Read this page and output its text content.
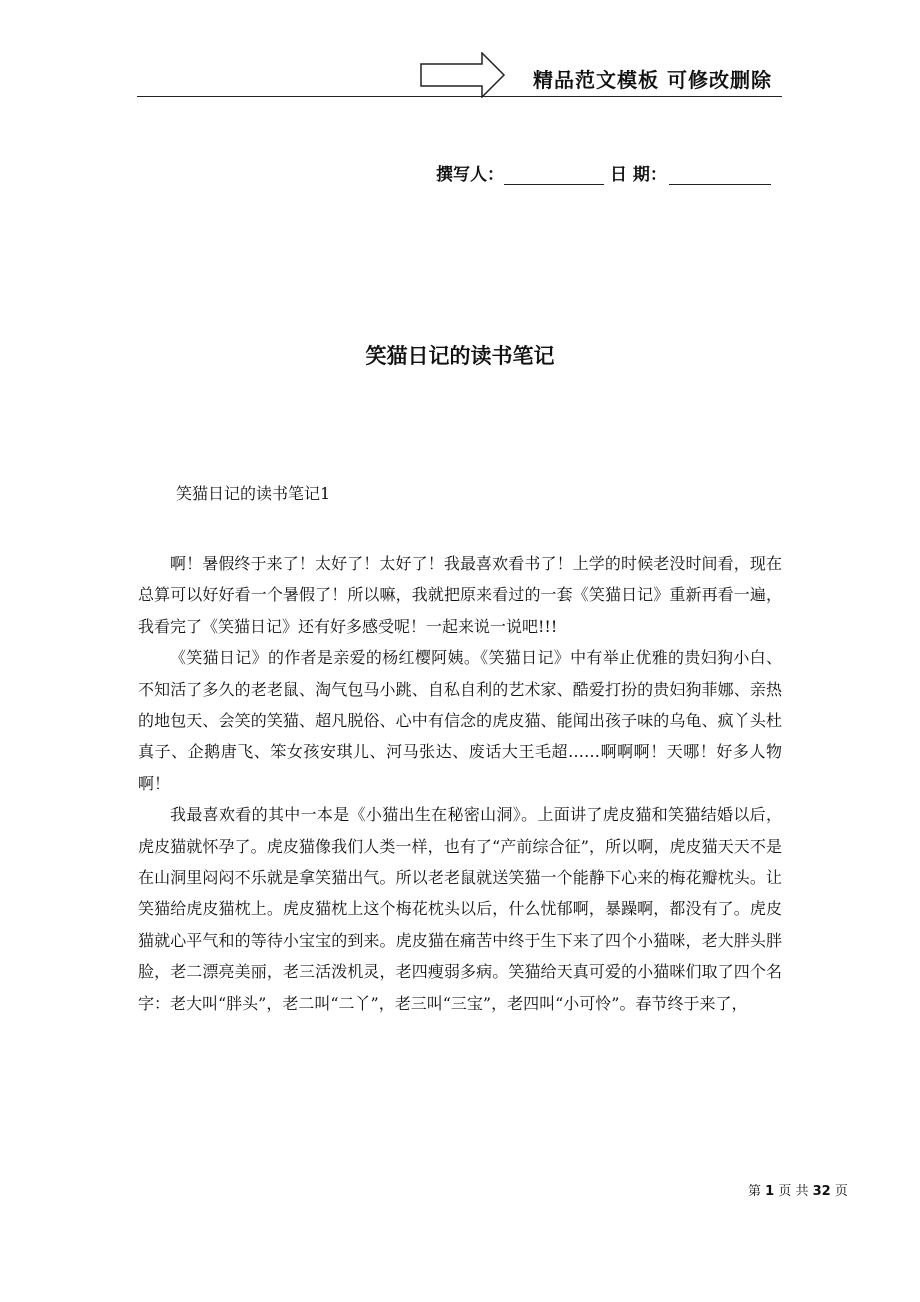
精品范文模板 可修改删除
撰写人：	日 期：
笑猫日记的读书笔记
笑猫日记的读书笔记1

啊！暑假终于来了！太好了！太好了！我最喜欢看书了！上学的时候老没时间看，现在总算可以好好看一个暑假了！所以嘛，我就把原来看过的一套《笑猫日记》重新再看一遍，我看完了《笑猫日记》还有好多感受呢！一起来说一说吧!!!

《笑猫日记》的作者是亲爱的杨红樱阿姨。《笑猫日记》中有举止优雅的贵妇狗小白、不知活了多久的老老鼠、淘气包马小跳、自私自利的艺术家、酷爱打扮的贵妇狗菲娜、亲热的地包天、会笑的笑猫、超凡脱俗、心中有信念的虎皮猫、能闻出孩子味的乌龟、疯丫头杜真子、企鹅唐飞、笨女孩安琪儿、河马张达、废话大王毛超……啊啊啊！天哪！好多人物啊！

我最喜欢看的其中一本是《小猫出生在秘密山洞》。上面讲了虎皮猫和笑猫结婚以后，虎皮猫就怀孕了。虎皮猫像我们人类一样，也有了“产前综合征”，所以啊，虎皮猫天天不是在山洞里闷闷不乐就是拿笑猫出气。所以老老鼠就送笑猫一个能静下心来的梅花瓣枕头。让笑猫给虎皮猫枕上。虎皮猫枕上这个梅花枕头以后，什么忧郁啊，暴躁啊，都没有了。虎皮猫就心平气和的等待小宝宝的到来。虎皮猫在痛苦中终于生下来了四个小猫咪，老大胖头胖脸，老二漂亮美丽，老三活泼机灵，老四瘦弱多病。笑猫给天真可爱的小猫咪们取了四个名字：老大叫“胖头”，老二叫“二丫”，老三叫“三宝”，老四叫“小可怜”。春节终于来了，

第 1 页 共 32 页
